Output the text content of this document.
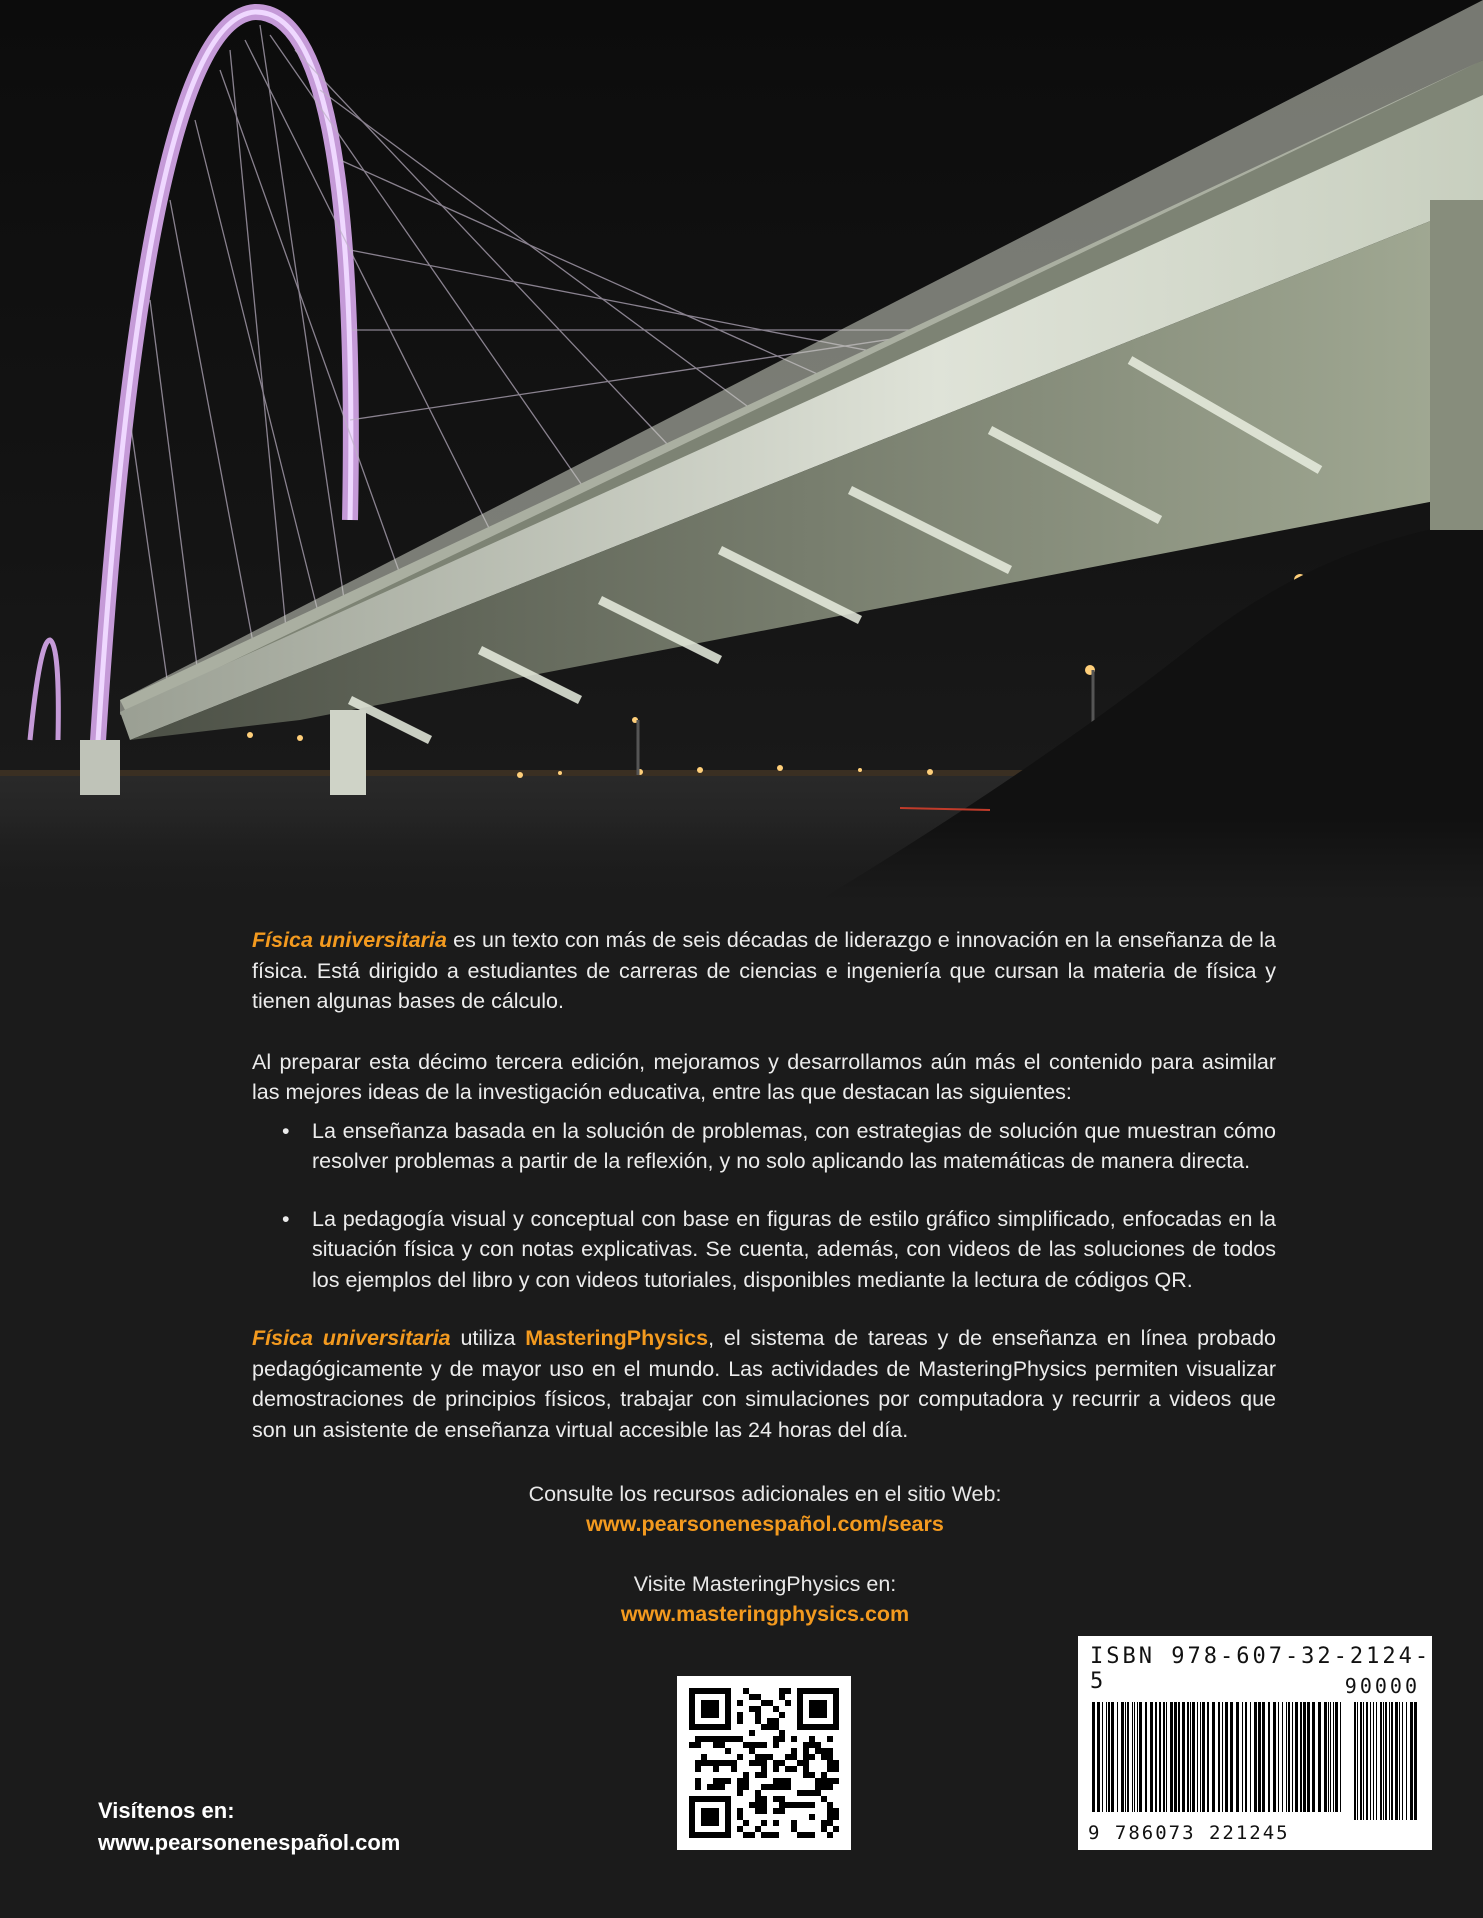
Física universitaria es un texto con más de seis décadas de liderazgo e innovación en la enseñanza de la física. Está dirigido a estudiantes de carreras de ciencias e ingeniería que cursan la materia de física y tienen algunas bases de cálculo.

Al preparar esta décimo tercera edición, mejoramos y desarrollamos aún más el contenido para asimilar las mejores ideas de la investigación educativa, entre las que destacan las siguientes:

• La enseñanza basada en la solución de problemas, con estrategias de solución que muestran cómo resolver problemas a partir de la reflexión, y no solo aplicando las matemáticas de manera directa.
• La pedagogía visual y conceptual con base en figuras de estilo gráfico simplificado, enfocadas en la situación física y con notas explicativas. Se cuenta, además, con videos de las soluciones de todos los ejemplos del libro y con videos tutoriales, disponibles mediante la lectura de códigos QR.

Física universitaria utiliza MasteringPhysics, el sistema de tareas y de enseñanza en línea probado pedagógicamente y de mayor uso en el mundo. Las actividades de MasteringPhysics permiten visualizar demostraciones de principios físicos, trabajar con simulaciones por computadora y recurrir a videos que son un asistente de enseñanza virtual accesible las 24 horas del día.

Consulte los recursos adicionales en el sitio Web:
www.pearsonenespañol.com/sears
Visite MasteringPhysics en:
www.masteringphysics.com
ISBN 978-607-32-2124-5	90000
9 786073 221245
Visítenos en:
www.pearsonenespañol.com
